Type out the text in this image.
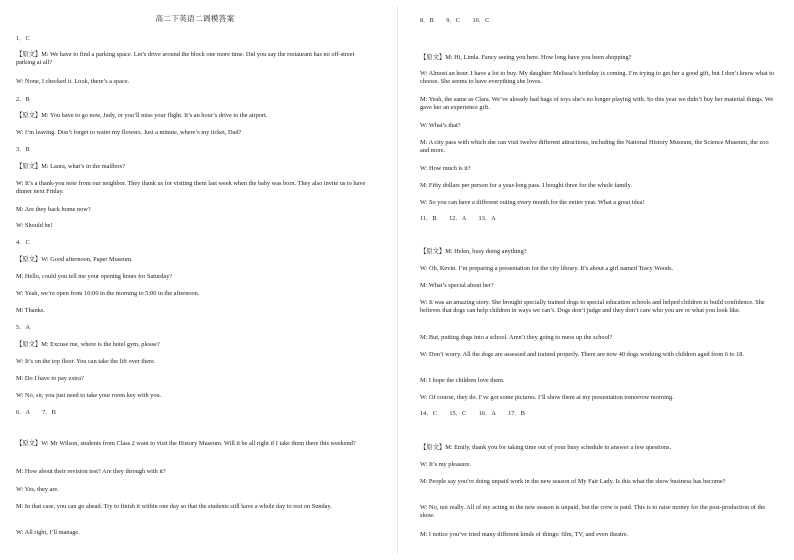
高二下英语二调模答案

1．C

【原文】M: We have to find a parking space. Let’s drive around the block one more time. Did you say the restaurant has no off-street parking at all?

W: None, I checked it. Look, there’s a space.

2．B

【原文】M: You have to go now, Judy, or you’ll miss your flight. It’s an hour’s drive to the airport.

W: I’m leaving. Don’t forget to water my flowers. Just a minute, where’s my ticket, Dad?

3．B

【原文】M: Laura, what’s in the mailbox?

W: It’s a thank-you note from our neighbor. They thank us for visiting them last week when the baby was born. They also invite us to have dinner next Friday.

M: Are they back home now?

W: Should be!

4．C

【原文】W: Good afternoon, Paper Museum.

M: Hello, could you tell me your opening hours for Saturday?

W: Yeah, we’re open from 10:00 in the morning to 5:00 in the afternoon.

M: Thanks.

5．A

【原文】M: Excuse me, where is the hotel gym, please?

W: It’s on the top floor. You can take the lift over there.

M: Do I have to pay extra?

W: No, sir, you just need to take your room key with you.

6．A　　7．B

【原文】W: Mr Wilson, students from Class 2 want to visit the History Museum. Will it be all right if I take them there this weekend?

M: How about their revision test? Are they through with it?

W: Yes, they are.

M: In that case, you can go ahead. Try to finish it within one day so that the students still have a whole day to rest on Sunday.

W: All right, I’ll manage.

8．B　　9．C　　10．C

【原文】M: Hi, Linda. Fancy seeing you here. How long have you been shopping?

W: Almost an hour. I have a lot to buy. My daughter Melissa’s birthday is coming. I’m trying to get her a good gift, but I don’t know what to choose. She seems to have everything she loves.

M: Yeah, the same as Clara. We’ve already had bags of toys she’s no longer playing with. So this year we didn’t buy her material things. We gave her an experience gift.

W: What’s that?

M: A city pass with which she can visit twelve different attractions, including the National History Museum, the Science Museum, the zoo and more.

W: How much is it?

M: Fifty dollars per person for a year-long pass. I bought three for the whole family.

W: So you can have a different outing every month for the entire year. What a great idea!

11．B　　12．A　　13．A

【原文】M: Helen, busy doing anything?

W: Oh, Kevin. I’m preparing a presentation for the city library. It’s about a girl named Tracy Woods.

M: What’s special about her?

W: It was an amazing story. She brought specially trained dogs to special education schools and helped children to build confidence. She believes that dogs can help children in ways we can’t. Dogs don’t judge and they don’t care who you are or what you look like.

M: But, putting dogs into a school. Aren’t they going to mess up the school?

W: Don’t worry. All the dogs are assessed and trained properly. There are now 40 dogs working with children aged from 6 to 18.

M: I hope the children love them.

W: Of course, they do. I’ve got some pictures. I’ll show them at my presentation tomorrow morning.

14．C　　15．C　　16．A　　17．B

【原文】M: Emily, thank you for taking time out of your busy schedule to answer a few questions.

W: It’s my pleasure.

M: People say you’re doing unpaid work in the new season of My Fair Lady. Is this what the show business has become?

W: No, not really. All of my acting in the new season is unpaid, but the crew is paid. This is to raise money for the post-production of the show.

M: I notice you’ve tried many different kinds of things: film, TV, and even theatre.
